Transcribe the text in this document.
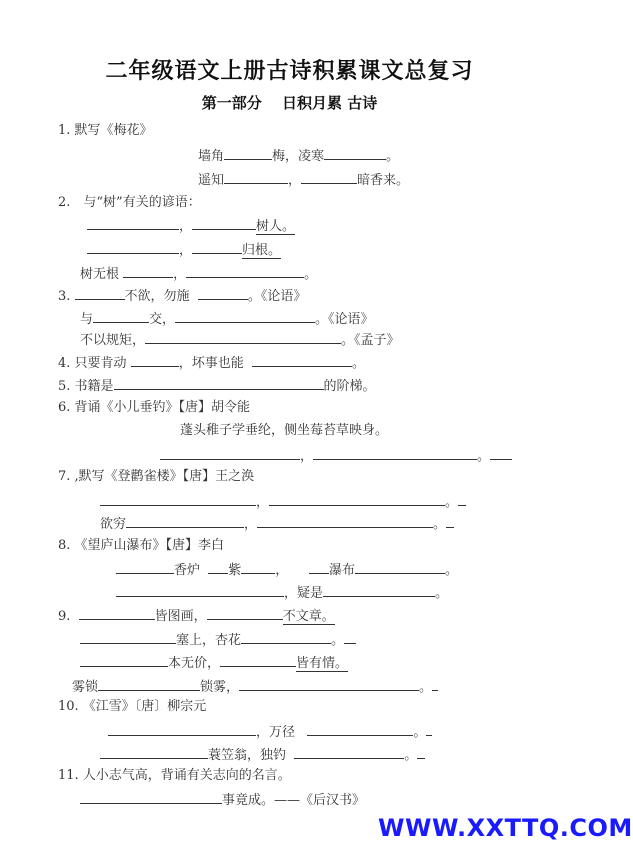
二年级语文上册古诗积累课文总复习
第一部分　 日积月累 古诗
1. 默写《梅花》
墙角	梅，凌寒	。
遥知	，	暗香来。
2.　与“树”有关的谚语：
，	树人。
，	归根。
树无根	，	。
3.	不欲，勿施	。《论语》
与	交，	。《论语》
不以规矩，	。《孟子》
4. 只要肯动	，坏事也能	。
5. 书籍是	的阶梯。
6. 背诵《小儿垂钓》【唐】胡令能
蓬头稚子学垂纶，侧坐莓苔草映身。
，	。
7. ,默写《登鹳雀楼》【唐】王之涣
，	。
欲穷	，	。
8. 《望庐山瀑布》【唐】李白
香炉 紫	，	瀑布	。
，疑是	。
9.	皆图画，	不文章。
塞上，杏花	。
本无价，	皆有情。
雾锁	锁雾，	。
10. 《江雪》〔唐〕柳宗元
，万径	。
蓑笠翁，独钓	。
11. 人小志气高，背诵有关志向的名言。
事竟成。——《后汉书》
WWW.XXTTQ.COM
